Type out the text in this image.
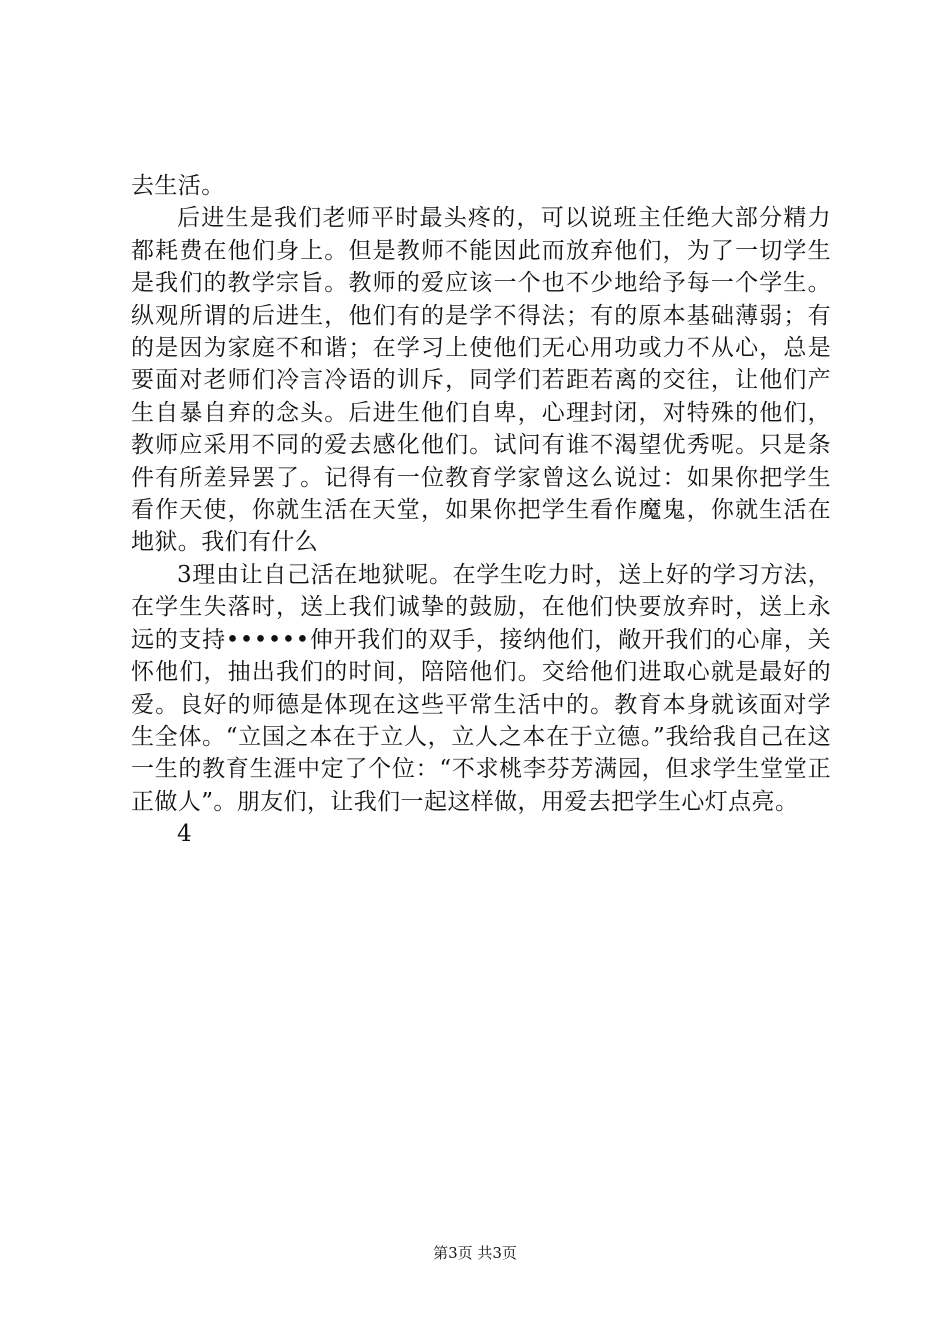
去生活。

后进生是我们老师平时最头疼的，可以说班主任绝大部分精力都耗费在他们身上。但是教师不能因此而放弃他们，为了一切学生是我们的教学宗旨。教师的爱应该一个也不少地给予每一个学生。纵观所谓的后进生，他们有的是学不得法；有的原本基础薄弱；有的是因为家庭不和谐；在学习上使他们无心用功或力不从心，总是要面对老师们冷言冷语的训斥，同学们若距若离的交往，让他们产生自暴自弃的念头。后进生他们自卑，心理封闭，对特殊的他们，教师应采用不同的爱去感化他们。试问有谁不渴望优秀呢。只是条件有所差异罢了。记得有一位教育学家曾这么说过：如果你把学生看作天使，你就生活在天堂，如果你把学生看作魔鬼，你就生活在地狱。我们有什么

3理由让自己活在地狱呢。在学生吃力时，送上好的学习方法，在学生失落时，送上我们诚挚的鼓励，在他们快要放弃时，送上永远的支持••••••伸开我们的双手，接纳他们，敞开我们的心扉，关怀他们，抽出我们的时间，陪陪他们。交给他们进取心就是最好的爱。良好的师德是体现在这些平常生活中的。教育本身就该面对学生全体。“立国之本在于立人，立人之本在于立德。”我给我自己在这一生的教育生涯中定了个位：“不求桃李芬芳满园，但求学生堂堂正正做人”。朋友们，让我们一起这样做，用爱去把学生心灯点亮。

4

第3页 共3页
